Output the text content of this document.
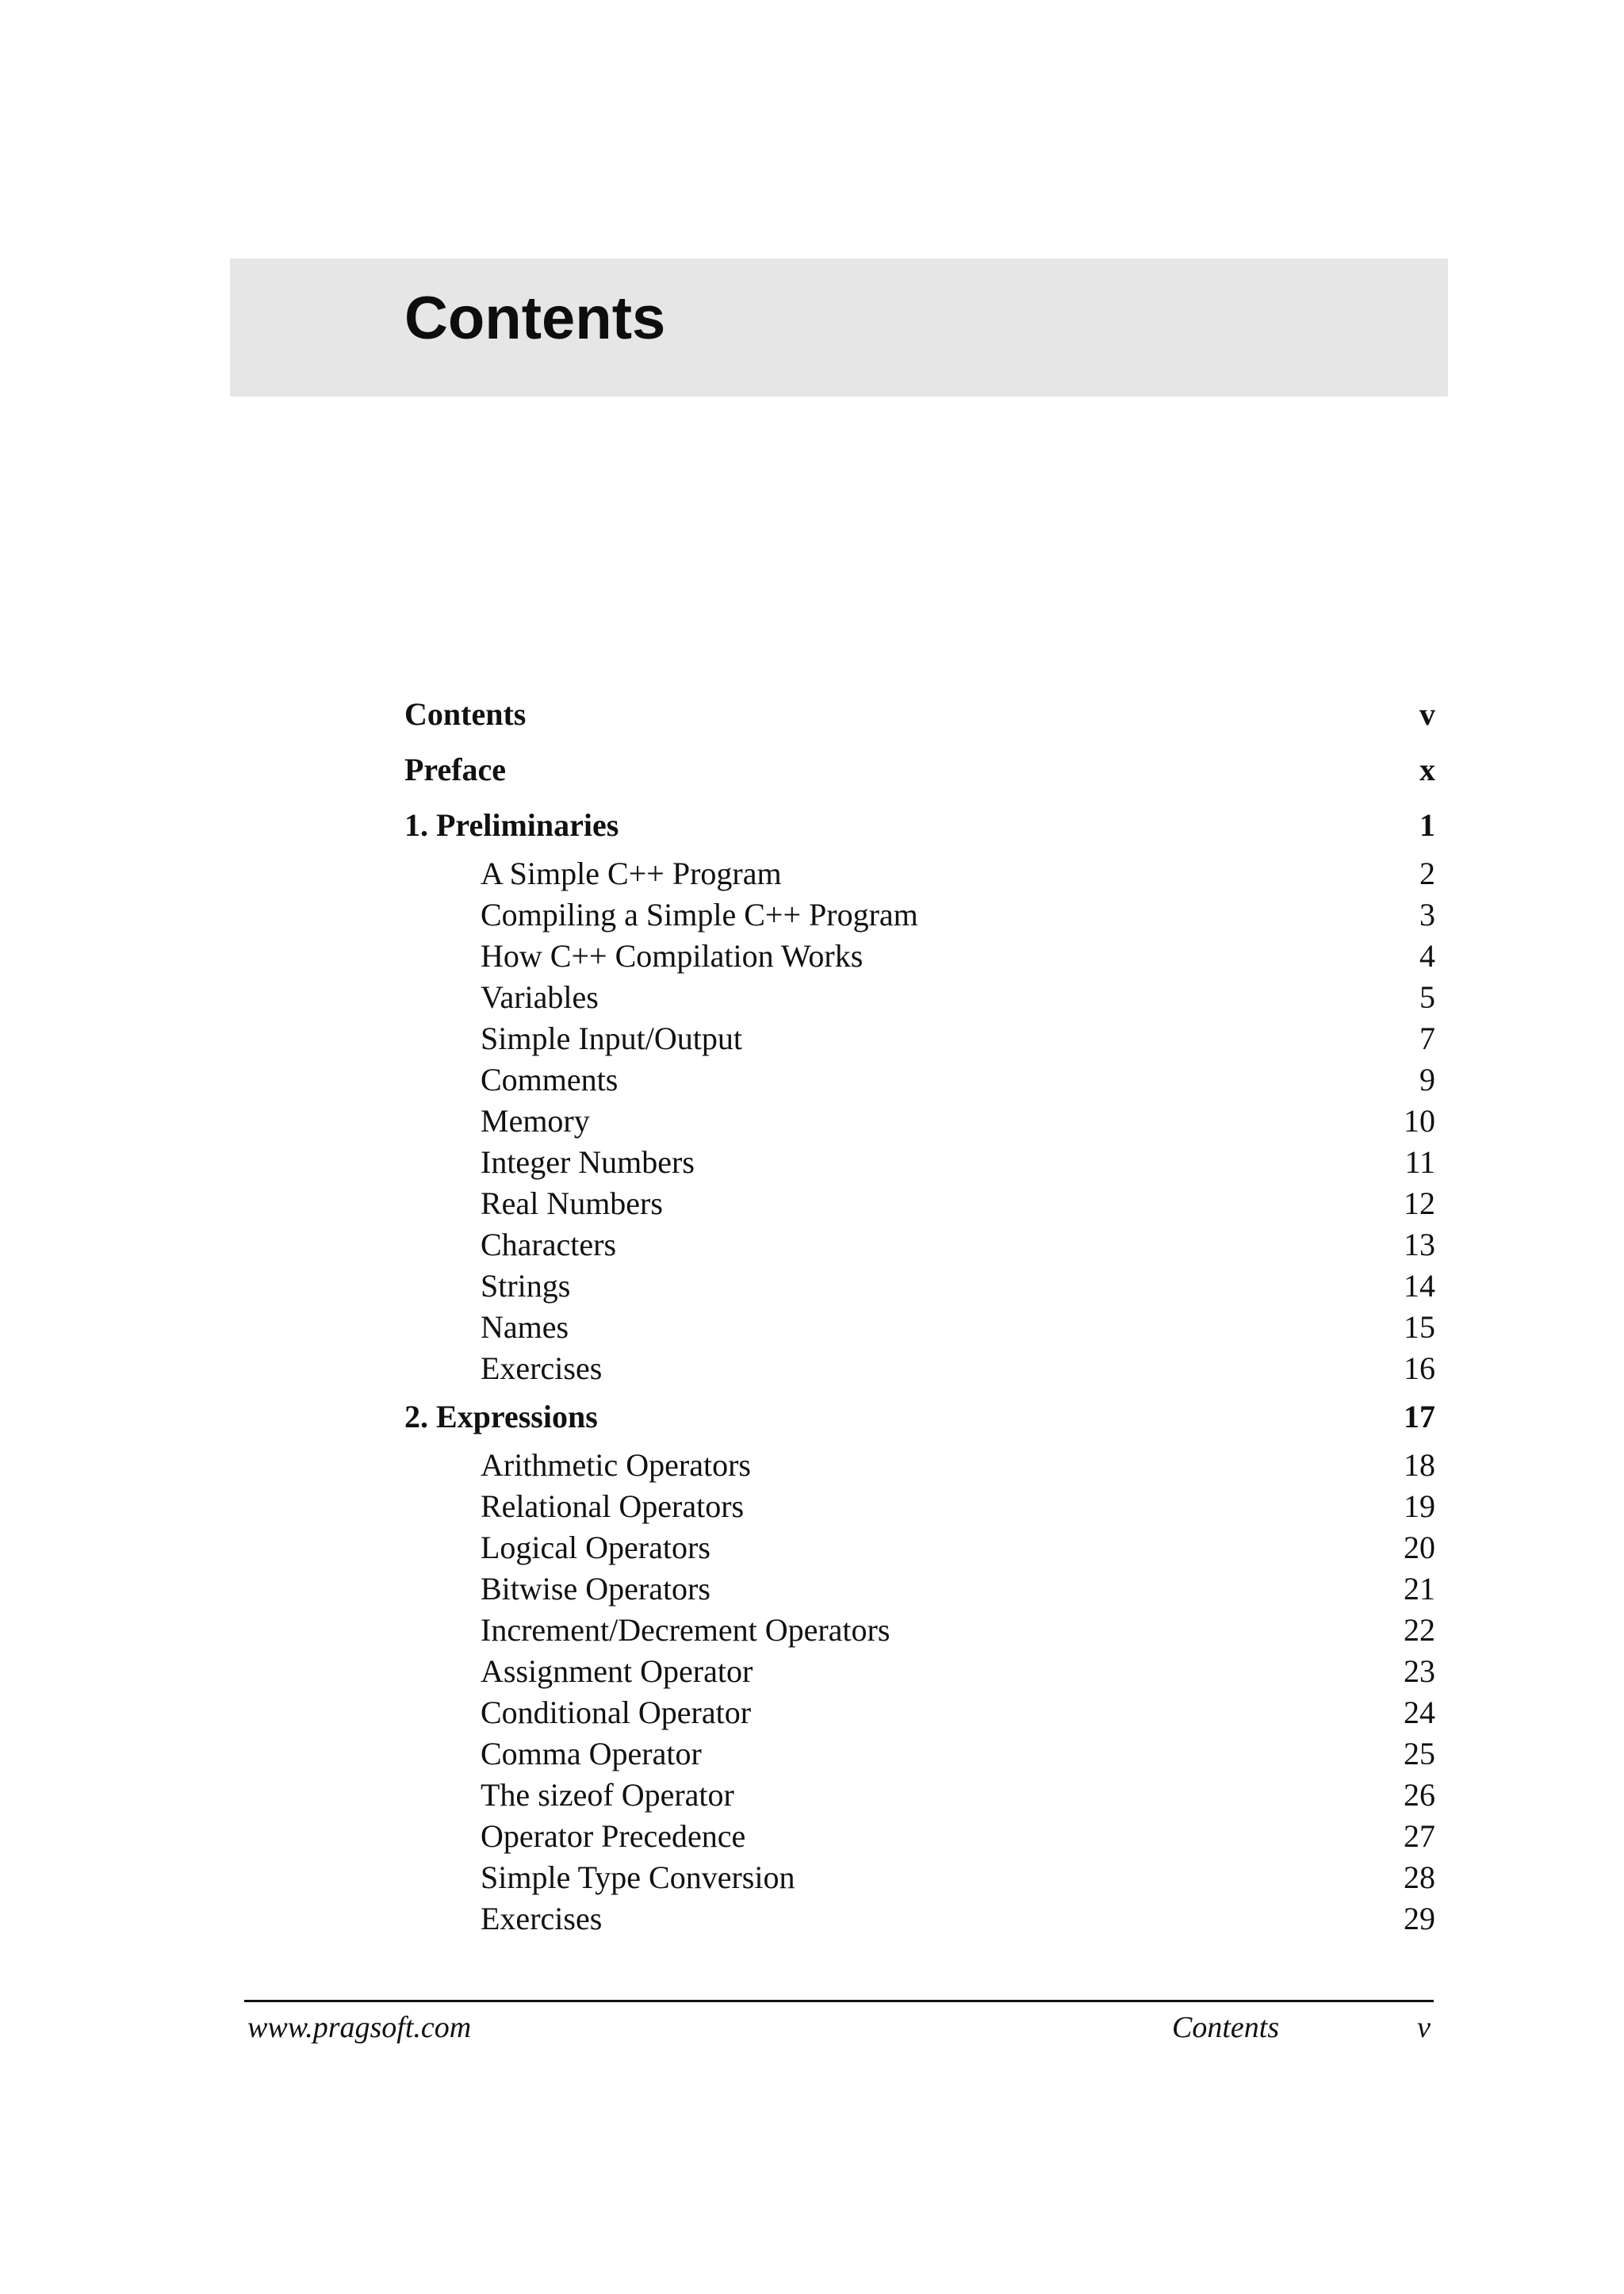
Contents
Contents	v
Preface	x
1. Preliminaries	1
A Simple C++ Program	2
Compiling a Simple C++ Program	3
How C++ Compilation Works	4
Variables	5
Simple Input/Output	7
Comments	9
Memory	10
Integer Numbers	11
Real Numbers	12
Characters	13
Strings	14
Names	15
Exercises	16
2. Expressions	17
Arithmetic Operators	18
Relational Operators	19
Logical Operators	20
Bitwise Operators	21
Increment/Decrement Operators	22
Assignment Operator	23
Conditional Operator	24
Comma Operator	25
The sizeof Operator	26
Operator Precedence	27
Simple Type Conversion	28
Exercises	29
www.pragsoft.com	Contents	v
